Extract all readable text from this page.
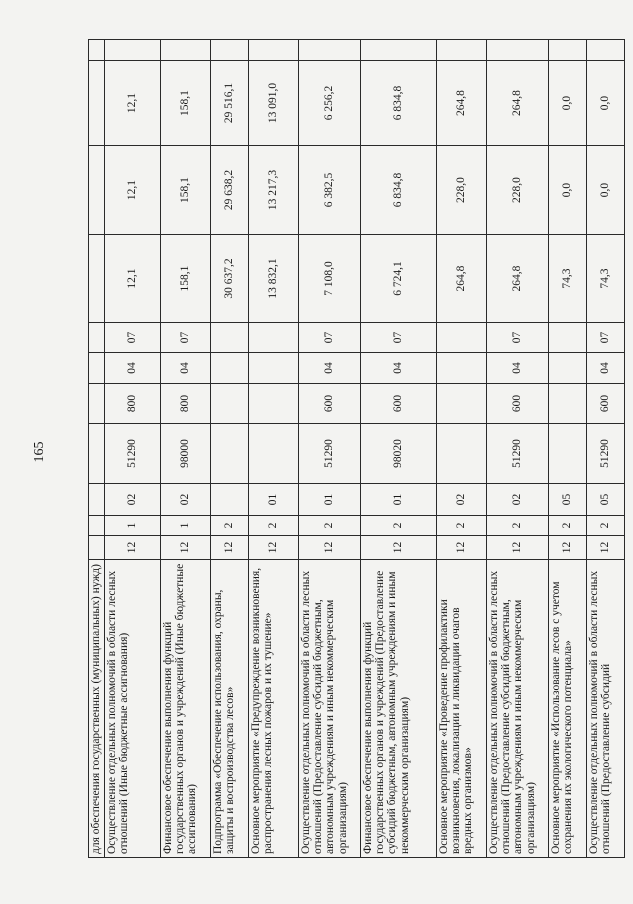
165
для обеспечения государственных (муниципальных) нужд)											
Осуществление отдельных полномочий в области лесных отношений (Иные бюджетные ассигнования)	12	1	02	51290	800	04	07	12,1	12,1	12,1	
Финансовое обеспечение выполнения функций государственных органов и учреждений (Иные бюджетные ассигнования)	12	1	02	98000	800	04	07	158,1	158,1	158,1	
Подпрограмма «Обеспечение использования, охраны, защиты и воспроизводства лесов»	12	2						30 637,2	29 638,2	29 516,1	
Основное мероприятие «Предупреждение возникновения, распространения лесных пожаров и их тушение»	12	2	01					13 832,1	13 217,3	13 091,0	
Осуществление отдельных полномочий в области лесных отношений (Предоставление субсидий бюджетным, автономным учреждениям и иным некоммерческим организациям)	12	2	01	51290	600	04	07	7 108,0	6 382,5	6 256,2	
Финансовое обеспечение выполнения функций государственных органов и учреждений (Предоставление субсидий бюджетным, автономным учреждениям и иным некоммерческим организациям)	12	2	01	98020	600	04	07	6 724,1	6 834,8	6 834,8	
Основное мероприятие «Проведение профилактики возникновения, локализации и ликвидации очагов вредных организмов»	12	2	02					264,8	228,0	264,8	
Осуществление отдельных полномочий в области лесных отношений (Предоставление субсидий бюджетным, автономным учреждениям и иным некоммерческим организациям)	12	2	02	51290	600	04	07	264,8	228,0	264,8	
Основное мероприятие «Использование лесов с учетом сохранения их экологического потенциала»	12	2	05					74,3	0,0	0,0	
Осуществление отдельных полномочий в области лесных отношений (Предоставление субсидий	12	2	05	51290	600	04	07	74,3	0,0	0,0	
